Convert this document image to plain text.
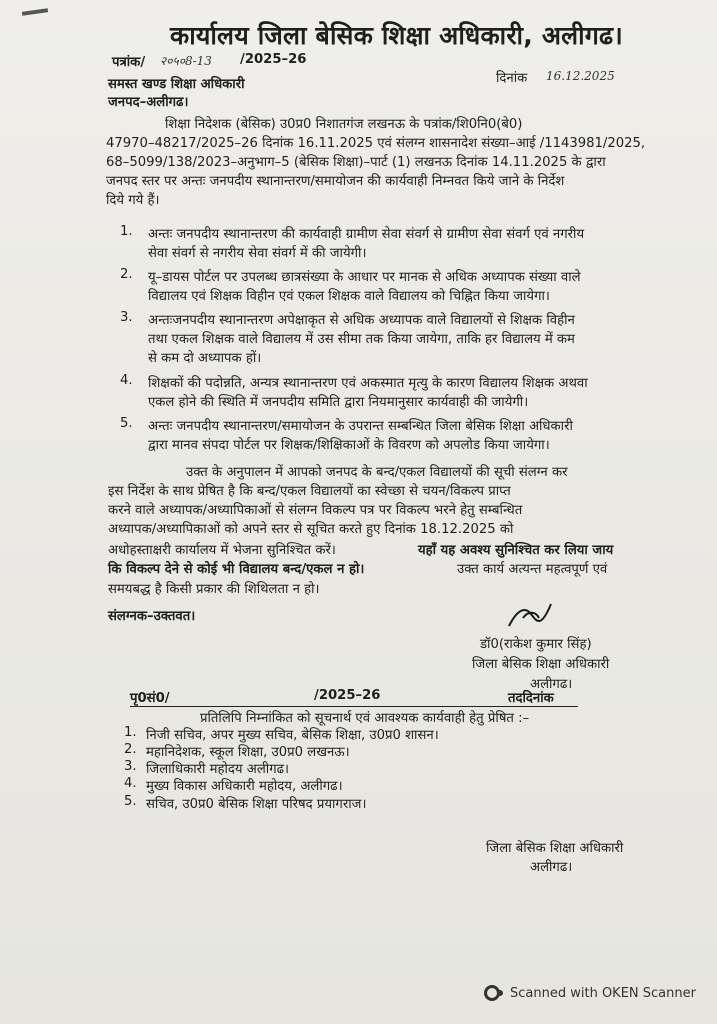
कार्यालय जिला बेसिक शिक्षा अधिकारी, अलीगढ।
पत्रांक/ २०५०8-13 /2025–26
दिनांक 16.12.2025
समस्त खण्ड शिक्षा अधिकारी
जनपद–अलीगढ।
शिक्षा निदेशक (बेसिक) उ0प्र0 निशातगंज लखनऊ के पत्रांक/शि0नि0(बे0)
47970–48217/2025–26 दिनांक 16.11.2025 एवं संलग्न शासनादेश संख्या–आई /1143981/2025,
68–5099/138/2023–अनुभाग–5 (बेसिक शिक्षा)–पार्ट (1) लखनऊ दिनांक 14.11.2025 के द्वारा
जनपद स्तर पर अन्तः जनपदीय स्थानान्तरण/समायोजन की कार्यवाही निम्नवत किये जाने के निर्देश
दिये गये हैं।
1. अन्तः जनपदीय स्थानान्तरण की कार्यवाही ग्रामीण सेवा संवर्ग से ग्रामीण सेवा संवर्ग एवं नगरीय
सेवा संवर्ग से नगरीय सेवा संवर्ग में की जायेगी।
2. यू–डायस पोर्टल पर उपलब्ध छात्रसंख्या के आधार पर मानक से अधिक अध्यापक संख्या वाले
विद्यालय एवं शिक्षक विहीन एवं एकल शिक्षक वाले विद्यालय को चिह्नित किया जायेगा।
3. अन्तःजनपदीय स्थानान्तरण अपेक्षाकृत से अधिक अध्यापक वाले विद्यालयों से शिक्षक विहीन
तथा एकल शिक्षक वाले विद्यालय में उस सीमा तक किया जायेगा, ताकि हर विद्यालय में कम
से कम दो अध्यापक हों।
4. शिक्षकों की पदोन्नति, अन्यत्र स्थानान्तरण एवं अकस्मात मृत्यु के कारण विद्यालय शिक्षक अथवा
एकल होने की स्थिति में जनपदीय समिति द्वारा नियमानुसार कार्यवाही की जायेगी।
5. अन्तः जनपदीय स्थानान्तरण/समायोजन के उपरान्त सम्बन्धित जिला बेसिक शिक्षा अधिकारी
द्वारा मानव संपदा पोर्टल पर शिक्षक/शिक्षिकाओं के विवरण को अपलोड किया जायेगा।
उक्त के अनुपालन में आपको जनपद के बन्द/एकल विद्यालयों की सूची संलग्न कर
इस निर्देश के साथ प्रेषित है कि बन्द/एकल विद्यालयों का स्वेच्छा से चयन/विकल्प प्राप्त
करने वाले अध्यापक/अध्यापिकाओं से संलग्न विकल्प पत्र पर विकल्प भरने हेतु सम्बन्धित
अध्यापक/अध्यापिकाओं को अपने स्तर से सूचित करते हुए दिनांक 18.12.2025 को
अधोहस्ताक्षरी कार्यालय में भेजना सुनिश्चित करें।	यहाँ यह अवश्य सुनिश्चित कर लिया जाय
कि विकल्प देने से कोई भी विद्यालय बन्द/एकल न हो।	उक्त कार्य अत्यन्त महत्वपूर्ण एवं
समयबद्ध है किसी प्रकार की शिथिलता न हो।
संलग्नक–उक्तवत।
डॉ0(राकेश कुमार सिंह)
जिला बेसिक शिक्षा अधिकारी
अलीगढ।
पृ0सं0/	/2025–26	तददिनांक
प्रतिलिपि निम्नांकित को सूचनार्थ एवं आवश्यक कार्यवाही हेतु प्रेषित :–
1. निजी सचिव, अपर मुख्य सचिव, बेसिक शिक्षा, उ0प्र0 शासन।
2. महानिदेशक, स्कूल शिक्षा, उ0प्र0 लखनऊ।
3. जिलाधिकारी महोदय अलीगढ।
4. मुख्य विकास अधिकारी महोदय, अलीगढ।
5. सचिव, उ0प्र0 बेसिक शिक्षा परिषद प्रयागराज।
जिला बेसिक शिक्षा अधिकारी
अलीगढ।
Scanned with OKEN Scanner
